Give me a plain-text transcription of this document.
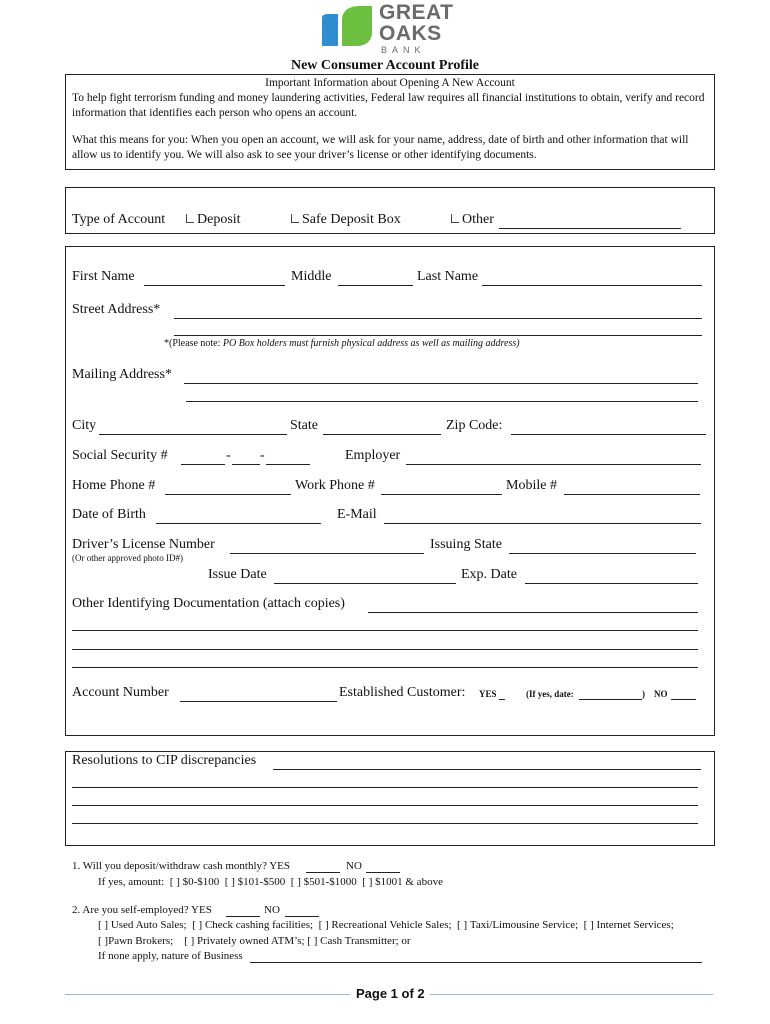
GREAT
OAKS
BANK
New Consumer Account Profile
Important Information about Opening A New Account
To help fight terrorism funding and money laundering activities, Federal law requires all financial institutions to obtain, verify and record information that identifies each person who opens an account.
What this means for you: When you open an account, we will ask for your name, address, date of birth and other information that will allow us to identify you. We will also ask to see your driver’s license or other identifying documents.
Type of Account	Deposit	Safe Deposit Box	Other
First Name	Middle	Last Name
Street Address*
*(Please note: PO Box holders must furnish physical address as well as mailing address)
Mailing Address*
City	State	Zip Code:
Social Security #	- -	Employer
Home Phone #	Work Phone #	Mobile #
Date of Birth	E-Mail
Driver’s License Number	Issuing State
(Or other approved photo ID#)
Issue Date	Exp. Date
Other Identifying Documentation (attach copies)
Account Number	Established Customer: YES	(If yes, date:	) NO
Resolutions to CIP discrepancies
1. Will you deposit/withdraw cash monthly? YES	NO
If yes, amount:  [ ] $0-$100  [ ] $101-$500  [ ] $501-$1000  [ ] $1001 & above
2. Are you self-employed? YES	NO
[ ] Used Auto Sales;  [ ] Check cashing facilities;  [ ] Recreational Vehicle Sales;  [ ] Taxi/Limousine Service;  [ ] Internet Services;
[ ]Pawn Brokers; [ ] Privately owned ATM’s; [ ] Cash Transmitter; or
If none apply, nature of Business
Page 1 of 2
